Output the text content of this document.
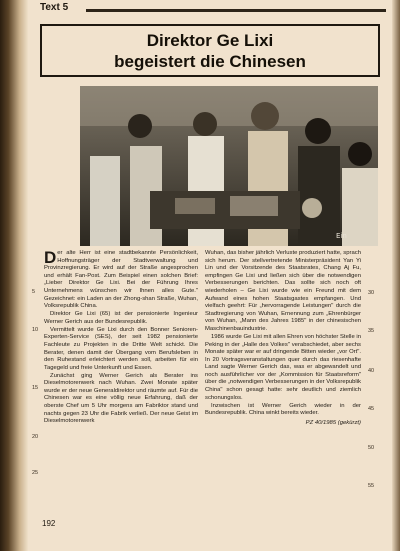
Text 5
Direktor Ge Lixi
begeistert die Chinesen
Ein

Der alte Herr ist eine stadtbekannte Persönlichkeit, Hoffnungsträger der Stadtverwaltung und Provinzregierung. Er wird auf der Straße angesprochen und erhält Fan-Post. Zum Beispiel einen solchen Brief: „Lieber Direktor Ge Lixi. Bei der Führung Ihres Unternehmens wünschen wir Ihnen alles Gute." Gezeichnet: ein Laden an der Zhong-shan Straße, Wuhan, Volksrepublik China.

Direktor Ge Lixi (65) ist der pensionierte Ingenieur Werner Gerich aus der Bundesrepublik.

Vermittelt wurde Ge Lixi durch den Bonner Senioren-Experten-Service (SES), der seit 1982 pensionierte Fachleute zu Projekten in die Dritte Welt schickt. Die Berater, denen damit der Übergang vom Berufsleben in den Ruhestand erleichtert werden soll, arbeiten für ein Tagegeld und freie Unterkunft und Essen.

Zunächst ging Werner Gerich als Berater ins Dieselmotorenwerk nach Wuhan. Zwei Monate später wurde er der neue Generaldirektor und räumte auf. Für die Chinesen war es eine völlig neue Erfahrung, daß der oberste Chef um 5 Uhr morgens am Fabriktor stand und nachts gegen 23 Uhr die Fabrik verließ. Der neue Geist im Dieselmotorenwerk

Wuhan, das bisher jährlich Verluste produziert hatte, sprach sich herum. Der stellvertretende Ministerpräsident Yan Yi Lin und der Vorsitzende des Staatsrates, Chang Aj Fu, empfingen Ge Lixi und ließen sich über die notwendigen Verbesserungen berichten. Das sollte sich noch oft wiederholen – Ge Lixi wurde wie ein Freund mit dem Aufwand eines hohen Staatsgastes empfangen. Und vielfach geehrt: Für „hervorragende Leistungen" durch die Stadtregierung von Wuhan, Ernennung zum „Ehrenbürger von Wuhan, „Mann des Jahres 1985" in der chinesischen Maschinenbauindustrie.

1986 wurde Ge Lixi mit allen Ehren von höchster Stelle in Peking in der „Halle des Volkes" verabschiedet, aber sechs Monate später war er auf dringende Bitten wieder „vor Ort". In 20 Vortragsveranstaltungen quer durch das riesenhafte Land sagte Werner Gerich das, was er abgewandelt und noch ausführlicher vor der „Kommission für Staatsreform" über die „notwendigen Verbesserungen in der Volksrepublik China" schon gesagt hatte: sehr deutlich und ziemlich schonungslos.

Inzwischen ist Werner Gerich wieder in der Bundesrepublik. China winkt bereits wieder.

PZ 40/1985 (gekürzt)
5
10
15
20
25
30
35
40
45
50
55
192
